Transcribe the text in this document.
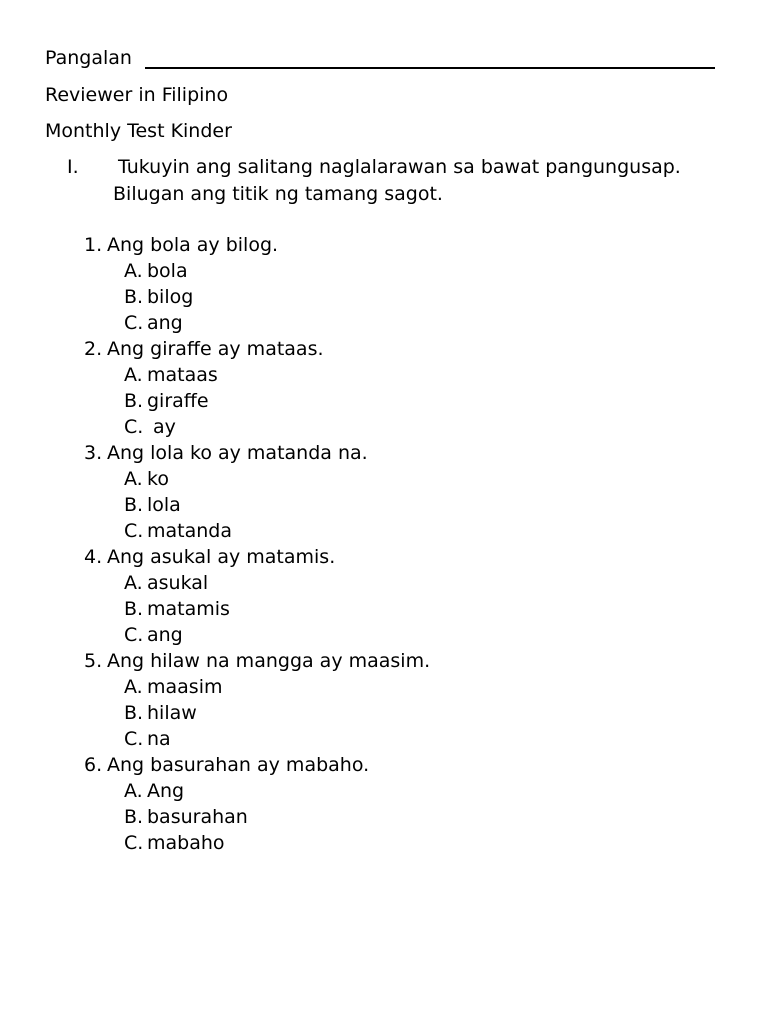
Pangalan
Reviewer in Filipino
Monthly Test Kinder
I. Tukuyin ang salitang naglalarawan sa bawat pangungusap.
Bilugan ang titik ng tamang sagot.
1. Ang bola ay bilog.
A. bola
B. bilog
C. ang
2. Ang giraffe ay mataas.
A. mataas
B. giraffe
C. ay
3. Ang lola ko ay matanda na.
A. ko
B. lola
C. matanda
4. Ang asukal ay matamis.
A. asukal
B. matamis
C. ang
5. Ang hilaw na mangga ay maasim.
A. maasim
B. hilaw
C. na
6. Ang basurahan ay mabaho.
A. Ang
B. basurahan
C. mabaho
